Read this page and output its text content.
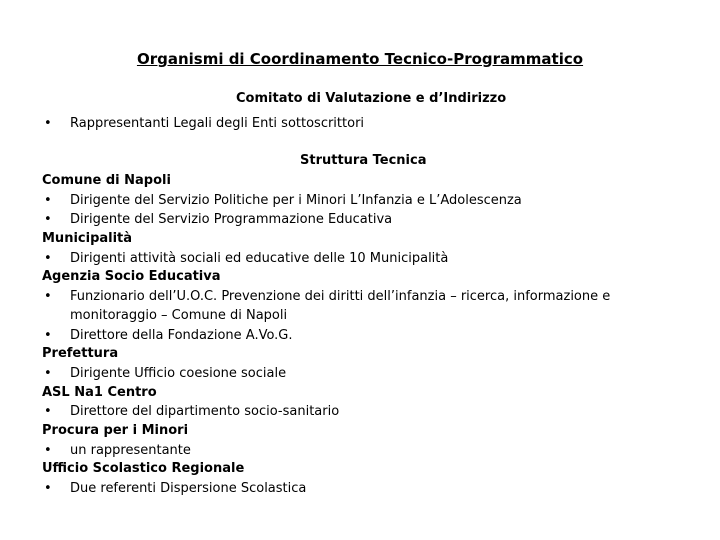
Organismi di Coordinamento Tecnico-Programmatico
Comitato di Valutazione e d’Indirizzo
• Rappresentanti Legali degli Enti sottoscrittori
Struttura Tecnica
Comune di Napoli
• Dirigente del Servizio Politiche per i Minori L’Infanzia e L’Adolescenza
• Dirigente del Servizio Programmazione Educativa
Municipalità
• Dirigenti attività sociali ed educative delle 10 Municipalità
Agenzia Socio Educativa
• Funzionario dell’U.O.C. Prevenzione dei diritti dell’infanzia – ricerca, informazione e
monitoraggio – Comune di Napoli
• Direttore della Fondazione A.Vo.G.
Prefettura
• Dirigente Ufficio coesione sociale
ASL Na1 Centro
• Direttore del dipartimento socio-sanitario
Procura per i Minori
• un rappresentante
Ufficio Scolastico Regionale
• Due referenti Dispersione Scolastica
